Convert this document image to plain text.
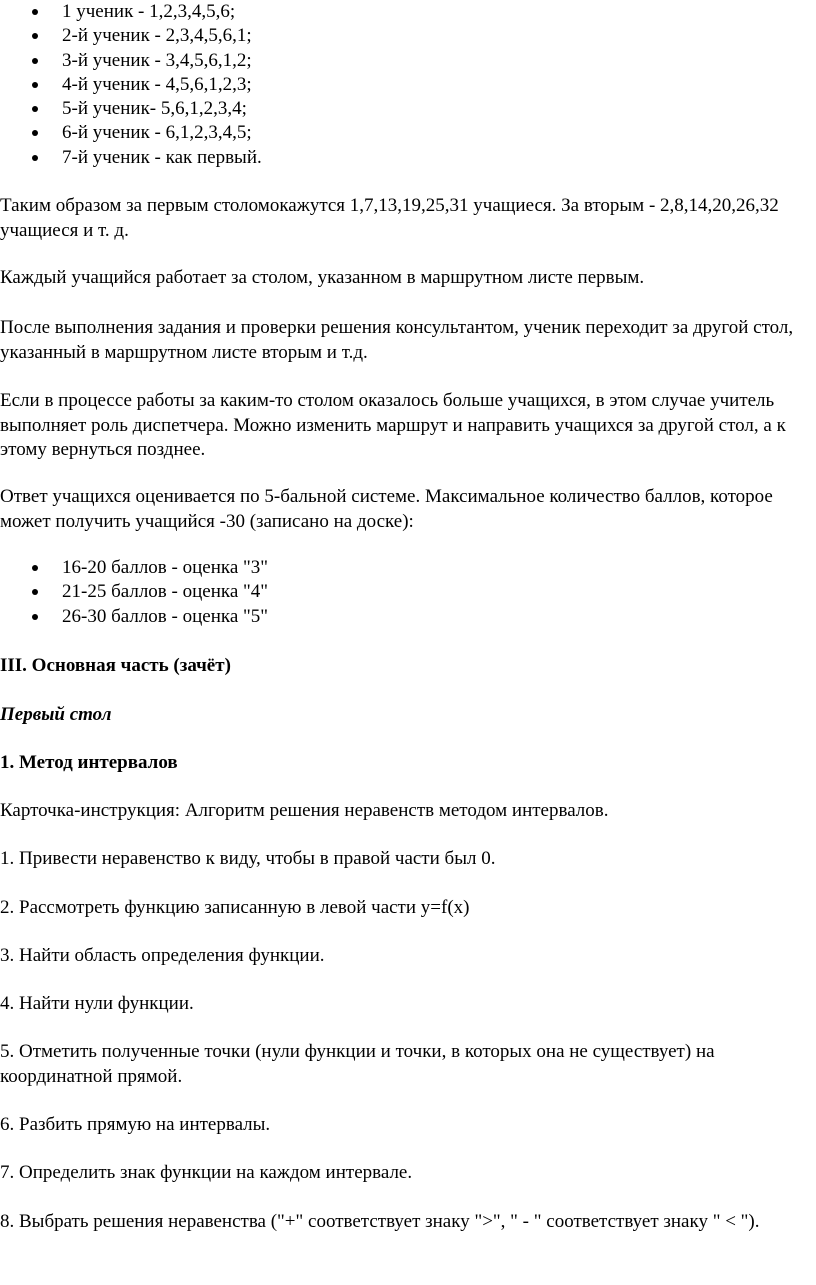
1 ученик - 1,2,3,4,5,6;
2-й ученик - 2,3,4,5,6,1;
3-й ученик - 3,4,5,6,1,2;
4-й ученик - 4,5,6,1,2,3;
5-й ученик- 5,6,1,2,3,4;
6-й ученик - 6,1,2,3,4,5;
7-й ученик - как первый.

Таким образом за первым столомокажутся 1,7,13,19,25,31 учащиеся. За вторым - 2,8,14,20,26,32 учащиеся и т. д.

Каждый учащийся работает за столом, указанном в маршрутном листе первым.

После выполнения задания и проверки решения консультантом, ученик переходит за другой стол, указанный в маршрутном листе вторым и т.д.

Если в процессе работы за каким-то столом оказалось больше учащихся, в этом случае учитель выполняет роль диспетчера. Можно изменить маршрут и направить учащихся за другой стол, а к этому вернуться позднее.

Ответ учащихся оценивается по 5-бальной системе. Максимальное количество баллов, которое может получить учащийся -30 (записано на доске):

16-20 баллов - оценка "3"
21-25 баллов - оценка "4"
26-30 баллов - оценка "5"

III. Основная часть (зачёт)

Первый стол

1. Метод интервалов

Карточка-инструкция: Алгоритм решения неравенств методом интервалов.

1. Привести неравенство к виду, чтобы в правой части был 0.

2. Рассмотреть функцию записанную в левой части y=f(x)

3. Найти область определения функции.

4. Найти нули функции.

5. Отметить полученные точки (нули функции и точки, в которых она не существует) на координатной прямой.

6. Разбить прямую на интервалы.

7. Определить знак функции на каждом интервале.

8. Выбрать решения неравенства ("+" соответствует знаку ">", " - " соответствует знаку " < ").
